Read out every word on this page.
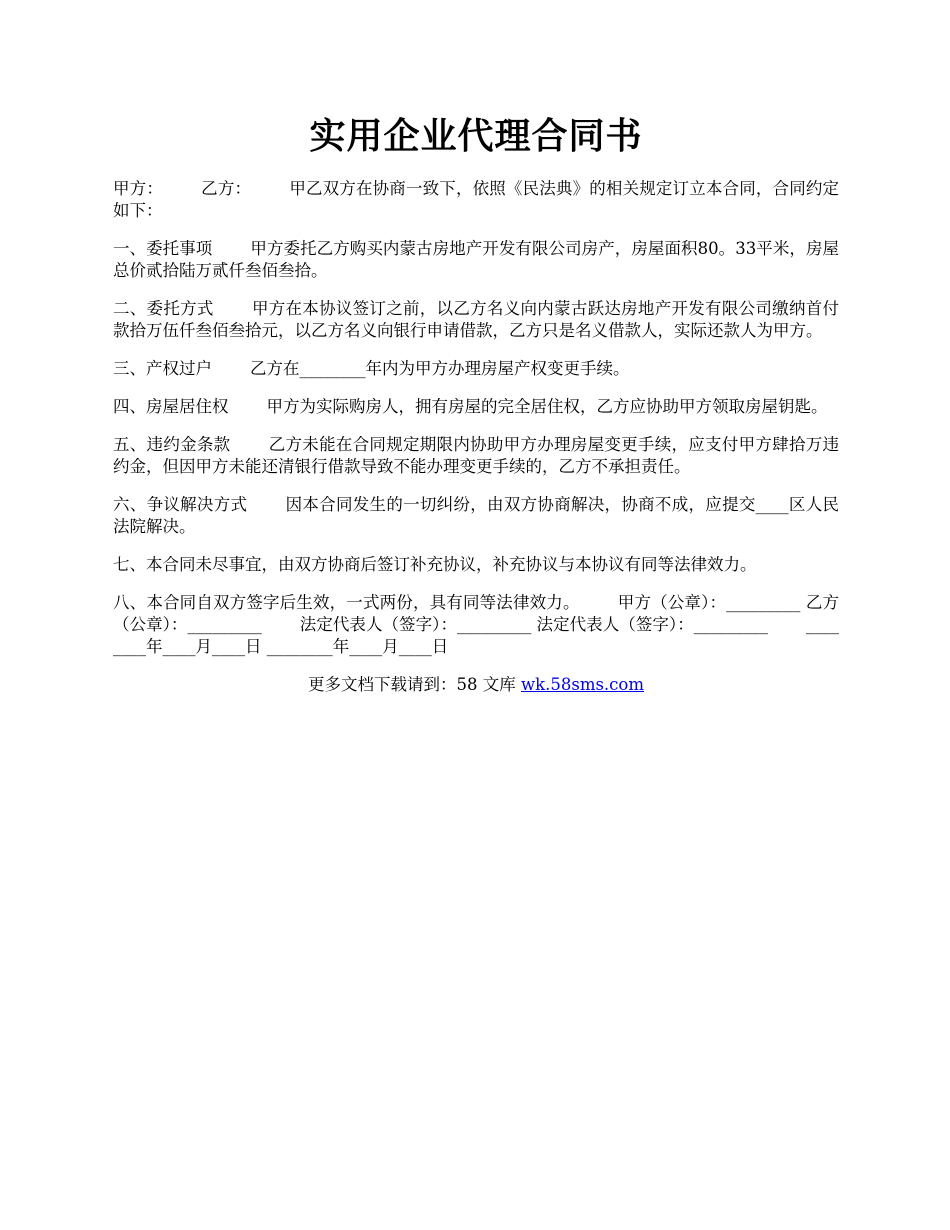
实用企业代理合同书

甲方： 乙方： 甲乙双方在协商一致下，依照《民法典》的相关规定订立本合同，合同约定如下：

一、委托事项 甲方委托乙方购买内蒙古房地产开发有限公司房产，房屋面积80。33平米，房屋总价贰拾陆万贰仟叁佰叁拾。

二、委托方式 甲方在本协议签订之前，以乙方名义向内蒙古跃达房地产开发有限公司缴纳首付款拾万伍仟叁佰叁拾元，以乙方名义向银行申请借款，乙方只是名义借款人，实际还款人为甲方。

三、产权过户 乙方在________年内为甲方办理房屋产权变更手续。

四、房屋居住权 甲方为实际购房人，拥有房屋的完全居住权，乙方应协助甲方领取房屋钥匙。

五、违约金条款 乙方未能在合同规定期限内协助甲方办理房屋变更手续，应支付甲方肆拾万违约金，但因甲方未能还清银行借款导致不能办理变更手续的，乙方不承担责任。

六、争议解决方式 因本合同发生的一切纠纷，由双方协商解决，协商不成，应提交____区人民法院解决。

七、本合同未尽事宜，由双方协商后签订补充协议，补充协议与本协议有同等法律效力。

八、本合同自双方签字后生效，一式两份，具有同等法律效力。 甲方（公章）：_________ 乙方（公章）：_________ 法定代表人（签字）：_________ 法定代表人（签字）：_________ ________年____月____日 ________年____月____日

更多文档下载请到：58 文库 wk.58sms.com
